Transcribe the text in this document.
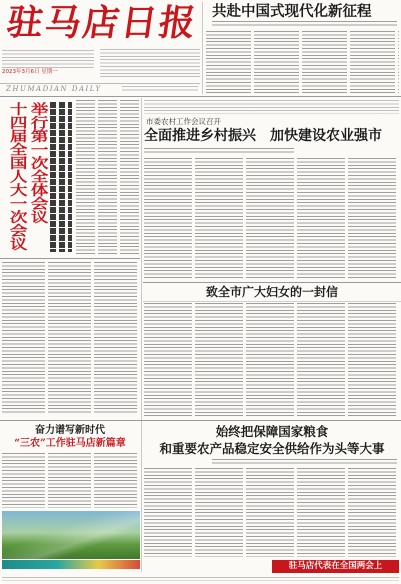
驻马店日报
2023年3月6日 星期一
ZHUMADIAN DAILY
共赴中国式现代化新征程
十四届全国人大一次会议 举行第一次全体会议	市委农村工作会议召开
全面推进乡村振兴　加快建设农业强市
致全市广大妇女的一封信
始终把保障国家粮食
和重要农产品稳定安全供给作为头等大事
奋力谱写新时代
“三农”工作驻马店新篇章
驻马店代表在全国两会上
